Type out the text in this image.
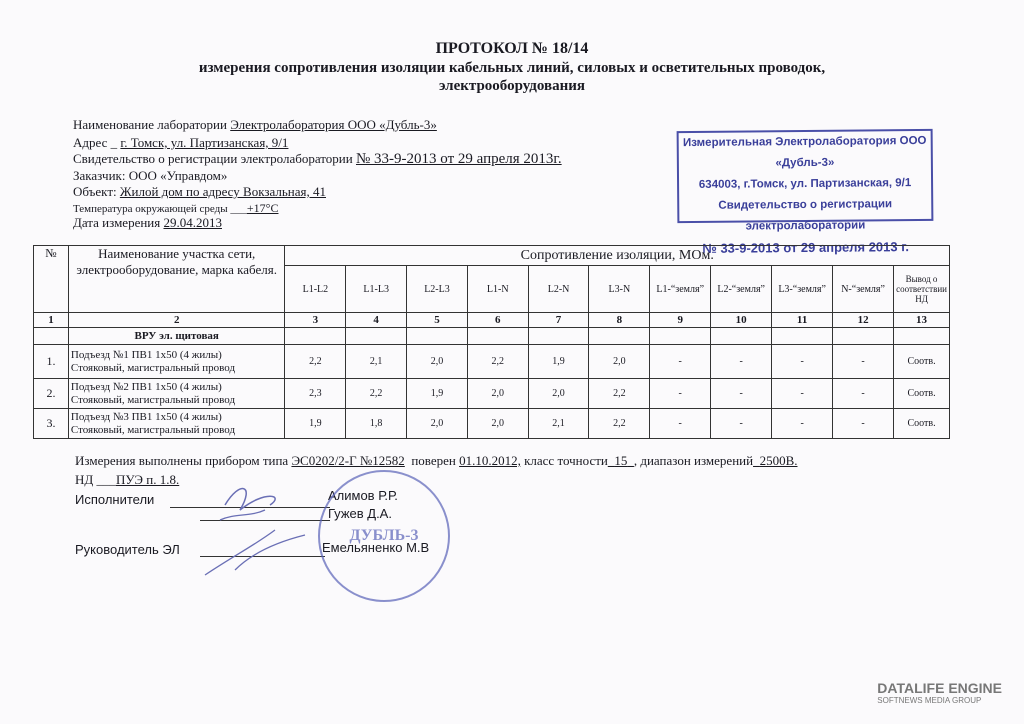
ПРОТОКОЛ № 18/14
измерения сопротивления изоляции кабельных линий, силовых и осветительных проводок,
электрооборудования
Наименование лаборатории Электролаборатория ООО «Дубль-3»
Адрес _ г. Томск, ул. Партизанская, 9/1
Свидетельство о регистрации электролаборатории № 33-9-2013 от 29 апреля 2013г.
Заказчик: ООО «Управдом»
Объект: Жилой дом по адресу Вокзальная, 41
Температура окружающей среды ___+17°С
Дата измерения 29.04.2013
Измерительная Электролаборатория ООО «Дубль-3»
634003, г.Томск, ул. Партизанская, 9/1
Свидетельство о регистрации электролаборатории
№ 33-9-2013 от 29 апреля 2013 г.
№	Наименование участка сети, электрооборудование, марка кабеля.	Сопротивление изоляции, МОм.										
		L1-L2	L1-L3	L2-L3	L1-N	L2-N	L3-N	L1-“земля”	L2-“земля”	L3-“земля”	N-“земля”	Вывод о соответствии НД
1	2	3	4	5	6	7	8	9	10	11	12	13
	ВРУ эл. щитовая											
1.	Подъезд №1 ПВ1 1х50 (4 жилы)
Стояковый, магистральный провод	2,2	2,1	2,0	2,2	1,9	2,0	-	-	-	-	Соотв.
2.	Подъезд №2 ПВ1 1х50 (4 жилы)
Стояковый, магистральный провод	2,3	2,2	1,9	2,0	2,0	2,2	-	-	-	-	Соотв.
3.	Подъезд №3 ПВ1 1х50 (4 жилы)
Стояковый, магистральный провод	1,9	1,8	2,0	2,0	2,1	2,2	-	-	-	-	Соотв.
Измерения выполнены прибором типа ЭС0202/2-Г №12582 поверен 01.10.2012, класс точности_15_, диапазон измерений_2500В.
НД ___ПУЭ п. 1.8.
Исполнители	Алимов Р.Р.
Гужев Д.А.
Руководитель ЭЛ	Емельяненко М.В
ДУБЛЬ-3
DATALIFE ENGINE
SOFTNEWS MEDIA GROUP
